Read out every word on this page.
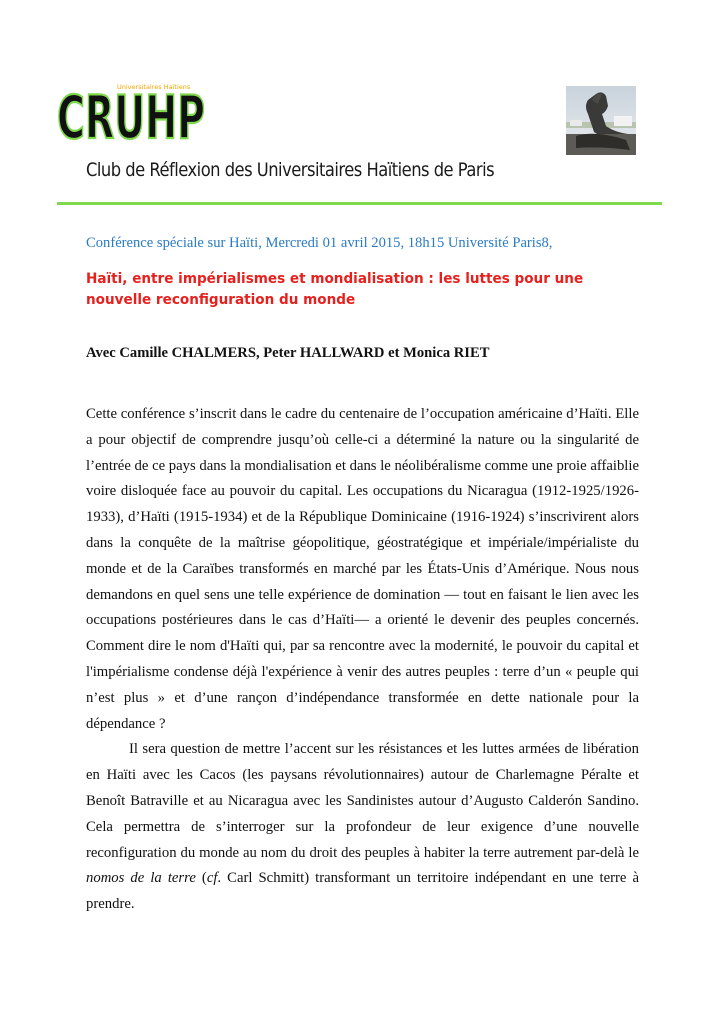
CRUHP
Universitaires Haïtiens
Club de Réflexion des Universitaires Haïtiens de Paris
Conférence spéciale sur Haïti, Mercredi 01 avril 2015, 18h15 Université Paris8,
Haïti, entre impérialismes et mondialisation : les luttes pour une nouvelle reconfiguration du monde
Avec Camille CHALMERS, Peter HALLWARD et Monica RIET

Cette conférence s’inscrit dans le cadre du centenaire de l’occupation américaine d’Haïti. Elle a pour objectif de comprendre jusqu’où celle-ci a déterminé la nature ou la singularité de l’entrée de ce pays dans la mondialisation et dans le néolibéralisme comme une proie affaiblie voire disloquée face au pouvoir du capital. Les occupations du Nicaragua (1912-1925/1926-1933), d’Haïti (1915-1934) et de la République Dominicaine (1916-1924) s’inscrivirent alors dans la conquête de la maîtrise géopolitique, géostratégique et impériale/impérialiste du monde et de la Caraïbes transformés en marché par les États-Unis d’Amérique. Nous nous demandons en quel sens une telle expérience de domination ― tout en faisant le lien avec les occupations postérieures dans le cas d’Haïti― a orienté le devenir des peuples concernés. Comment dire le nom d'Haïti qui, par sa rencontre avec la modernité, le pouvoir du capital et l'impérialisme condense déjà l'expérience à venir des autres peuples : terre d’un « peuple qui n’est plus » et d’une rançon d’indépendance transformée en dette nationale pour la dépendance ?

Il sera question de mettre l’accent sur les résistances et les luttes armées de libération en Haïti avec les Cacos (les paysans révolutionnaires) autour de Charlemagne Péralte et Benoît Batraville et au Nicaragua avec les Sandinistes autour d’Augusto Calderón Sandino. Cela permettra de s’interroger sur la profondeur de leur exigence d’une nouvelle reconfiguration du monde au nom du droit des peuples à habiter la terre autrement par-delà le nomos de la terre (cf. Carl Schmitt) transformant un territoire indépendant en une terre à prendre.
